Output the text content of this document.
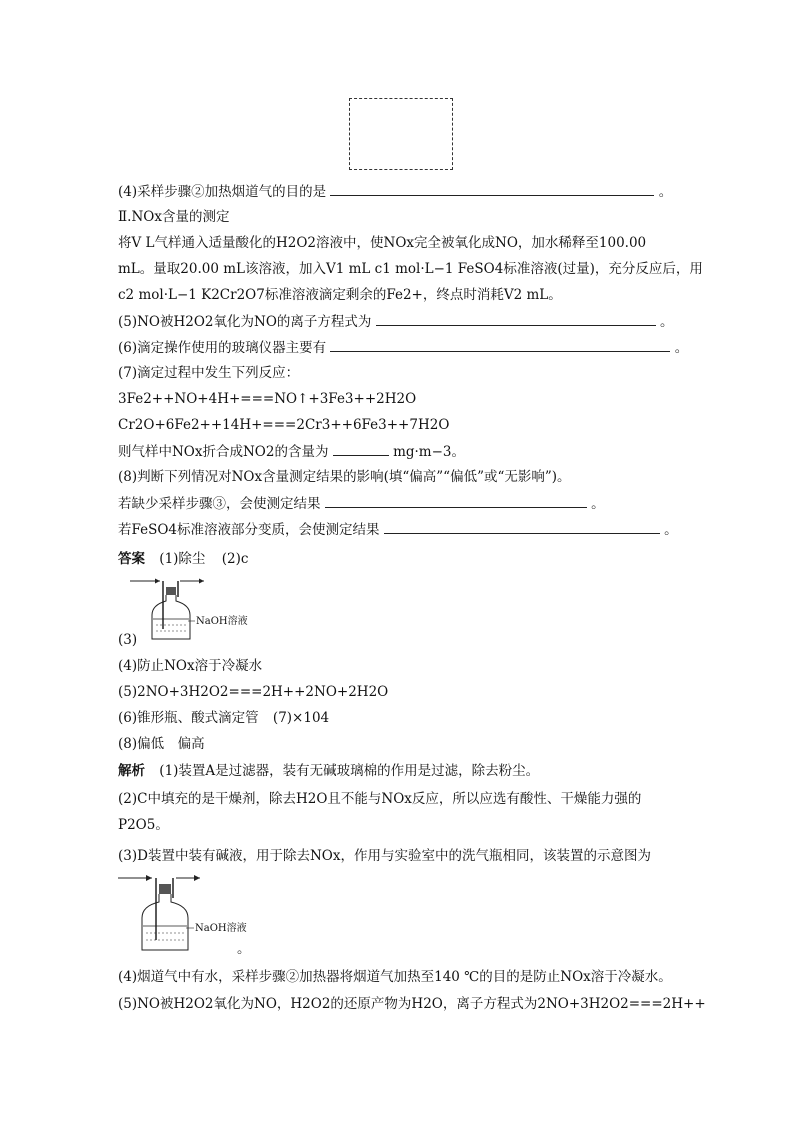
(4)采样步骤②加热烟道气的目的是	。
Ⅱ.NOx含量的测定
将V L气样通入适量酸化的H2O2溶液中，使NOx完全被氧化成NO，加水稀释至100.00
mL。量取20.00 mL该溶液，加入V1 mL c1 mol·L−1 FeSO4标准溶液(过量)，充分反应后，用
c2 mol·L−1 K2Cr2O7标准溶液滴定剩余的Fe2+，终点时消耗V2 mL。
(5)NO被H2O2氧化为NO的离子方程式为	。
(6)滴定操作使用的玻璃仪器主要有	。
(7)滴定过程中发生下列反应：
3Fe2++NO+4H+===NO↑+3Fe3++2H2O
Cr2O+6Fe2++14H+===2Cr3++6Fe3++7H2O
则气样中NOx折合成NO2的含量为	mg·m−3。
(8)判断下列情况对NOx含量测定结果的影响(填“偏高”“偏低”或“无影响”)。
若缺少采样步骤③，会使测定结果	。
若FeSO4标准溶液部分变质，会使测定结果	。
答案 (1)除尘 (2)c
NaOH溶液
(3)
(4)防止NOx溶于冷凝水
(5)2NO+3H2O2===2H++2NO+2H2O
(6)锥形瓶、酸式滴定管 (7)×104
(8)偏低　偏高
解析 (1)装置A是过滤器，装有无碱玻璃棉的作用是过滤，除去粉尘。
(2)C中填充的是干燥剂，除去H2O且不能与NOx反应，所以应选有酸性、干燥能力强的
P2O5。
(3)D装置中装有碱液，用于除去NOx，作用与实验室中的洗气瓶相同，该装置的示意图为
NaOH溶液
。
(4)烟道气中有水，采样步骤②加热器将烟道气加热至140 ℃的目的是防止NOx溶于冷凝水。
(5)NO被H2O2氧化为NO，H2O2的还原产物为H2O，离子方程式为2NO+3H2O2===2H++
